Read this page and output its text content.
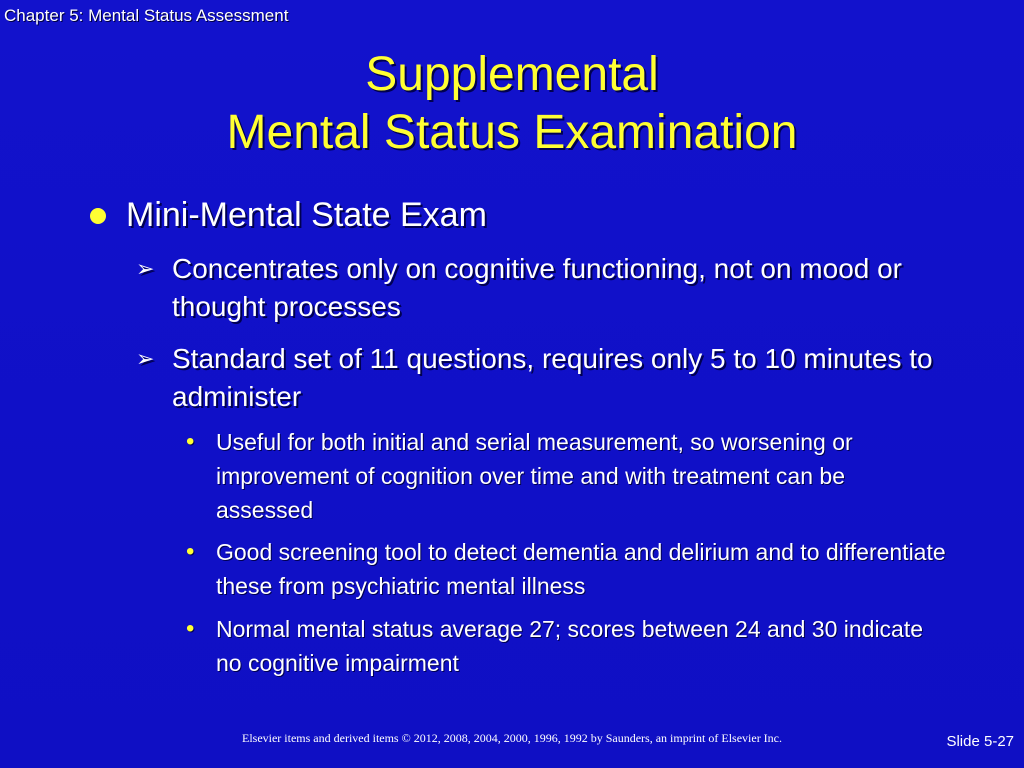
Chapter 5: Mental Status Assessment
Supplemental
Mental Status Examination
Mini-Mental State Exam
➢ Concentrates only on cognitive functioning, not on mood or thought processes
➢ Standard set of 11 questions, requires only 5 to 10 minutes to administer
• Useful for both initial and serial measurement, so worsening or improvement of cognition over time and with treatment can be assessed
• Good screening tool to detect dementia and delirium and to differentiate these from psychiatric mental illness
• Normal mental status average 27; scores between 24 and 30 indicate no cognitive impairment
Elsevier items and derived items © 2012, 2008, 2004, 2000, 1996, 1992 by Saunders, an imprint of Elsevier Inc.	Slide 5-27
